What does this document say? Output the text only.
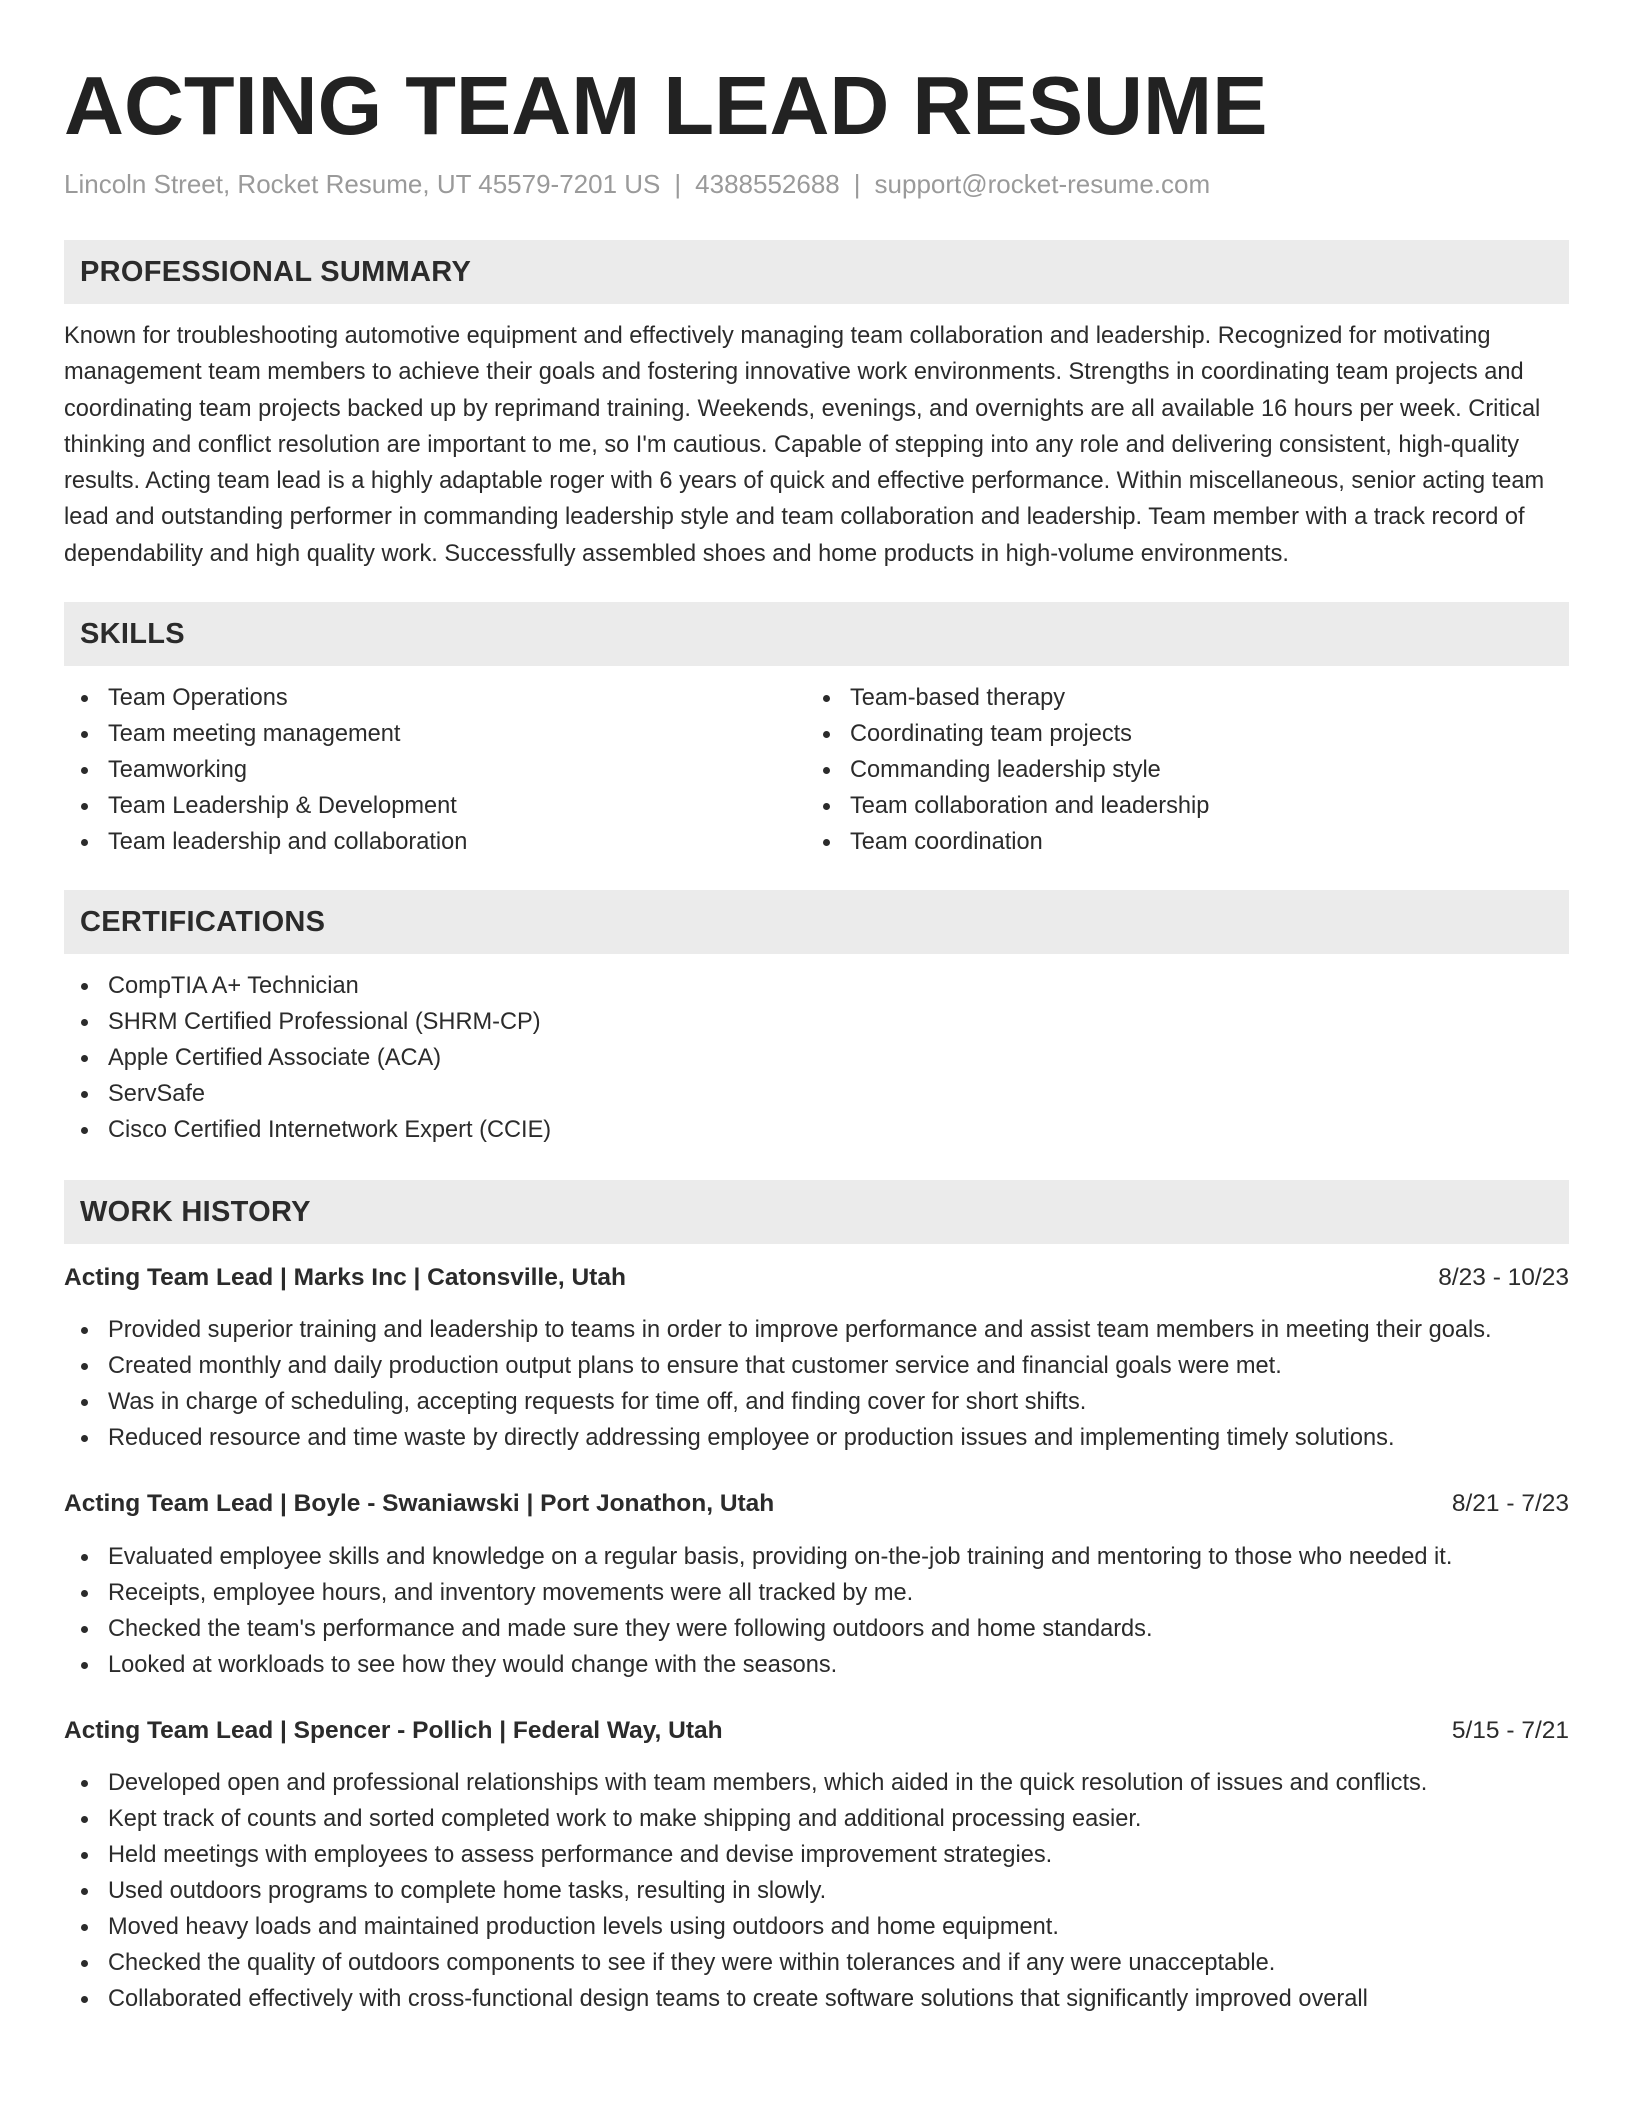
ACTING TEAM LEAD RESUME
Lincoln Street, Rocket Resume, UT 45579-7201 US | 4388552688 | support@rocket-resume.com
PROFESSIONAL SUMMARY

Known for troubleshooting automotive equipment and effectively managing team collaboration and leadership. Recognized for motivating management team members to achieve their goals and fostering innovative work environments. Strengths in coordinating team projects and coordinating team projects backed up by reprimand training. Weekends, evenings, and overnights are all available 16 hours per week. Critical thinking and conflict resolution are important to me, so I'm cautious. Capable of stepping into any role and delivering consistent, high-quality results. Acting team lead is a highly adaptable roger with 6 years of quick and effective performance. Within miscellaneous, senior acting team lead and outstanding performer in commanding leadership style and team collaboration and leadership. Team member with a track record of dependability and high quality work. Successfully assembled shoes and home products in high-volume environments.

SKILLS
Team Operations
Team meeting management
Teamworking
Team Leadership & Development
Team leadership and collaboration
Team-based therapy
Coordinating team projects
Commanding leadership style
Team collaboration and leadership
Team coordination
CERTIFICATIONS
CompTIA A+ Technician
SHRM Certified Professional (SHRM-CP)
Apple Certified Associate (ACA)
ServSafe
Cisco Certified Internetwork Expert (CCIE)
WORK HISTORY
Acting Team Lead | Marks Inc | Catonsville, Utah	8/23 - 10/23
Provided superior training and leadership to teams in order to improve performance and assist team members in meeting their goals.
Created monthly and daily production output plans to ensure that customer service and financial goals were met.
Was in charge of scheduling, accepting requests for time off, and finding cover for short shifts.
Reduced resource and time waste by directly addressing employee or production issues and implementing timely solutions.
Acting Team Lead | Boyle - Swaniawski | Port Jonathon, Utah	8/21 - 7/23
Evaluated employee skills and knowledge on a regular basis, providing on-the-job training and mentoring to those who needed it.
Receipts, employee hours, and inventory movements were all tracked by me.
Checked the team's performance and made sure they were following outdoors and home standards.
Looked at workloads to see how they would change with the seasons.
Acting Team Lead | Spencer - Pollich | Federal Way, Utah	5/15 - 7/21
Developed open and professional relationships with team members, which aided in the quick resolution of issues and conflicts.
Kept track of counts and sorted completed work to make shipping and additional processing easier.
Held meetings with employees to assess performance and devise improvement strategies.
Used outdoors programs to complete home tasks, resulting in slowly.
Moved heavy loads and maintained production levels using outdoors and home equipment.
Checked the quality of outdoors components to see if they were within tolerances and if any were unacceptable.
Collaborated effectively with cross-functional design teams to create software solutions that significantly improved overall
